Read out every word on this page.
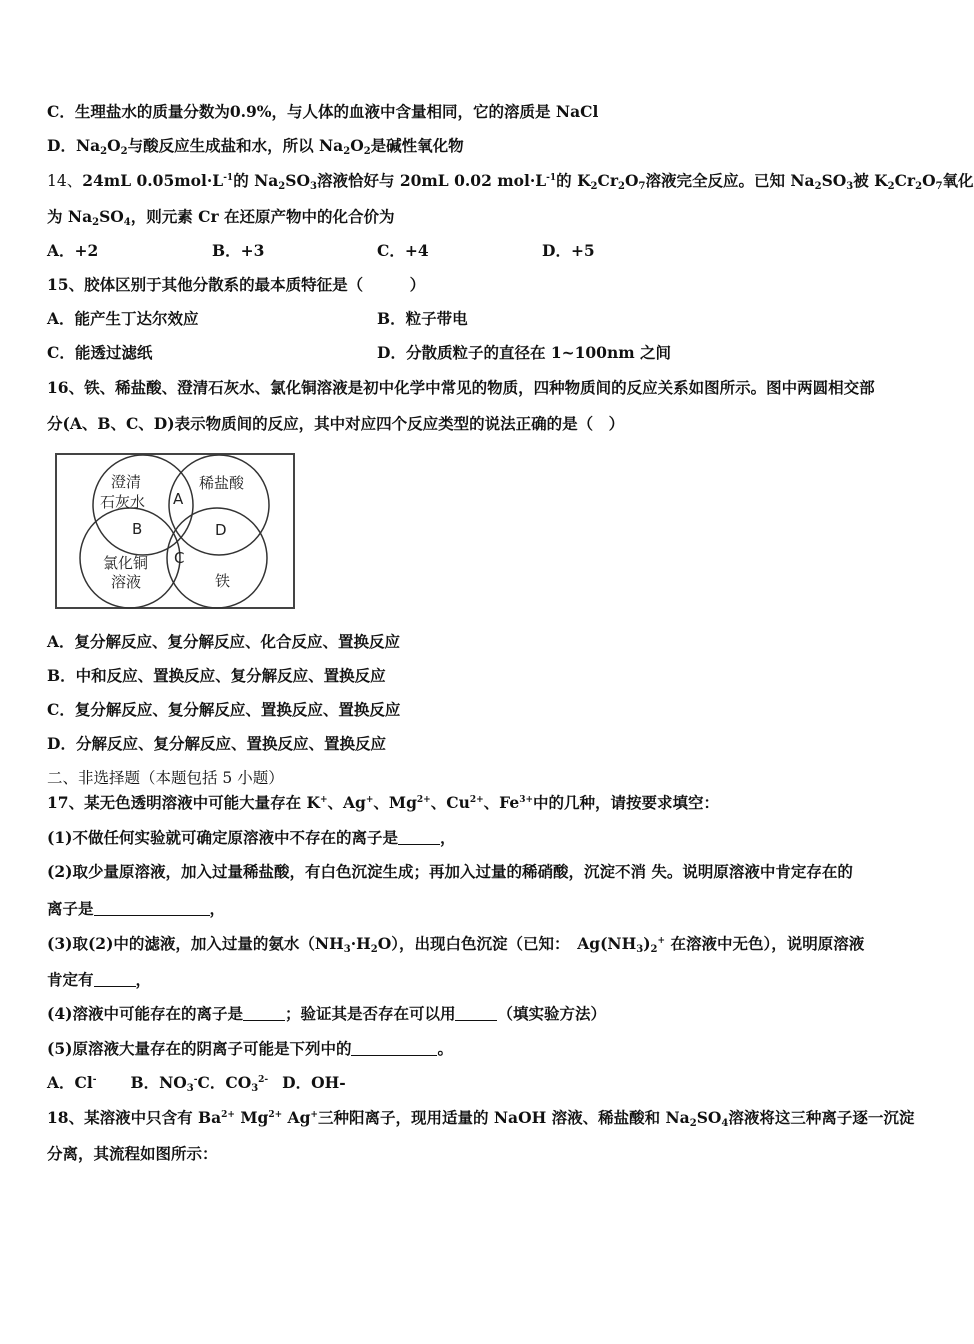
C．生理盐水的质量分数为0.9%，与人体的血液中含量相同，它的溶质是 NaCl
D．$Na_2O_2$与酸反应生成盐和水，所以 $Na_2O_2$是碱性氧化物
14、24mL $0.05mol\cdot L^{-1}$的 $Na_2SO_3$溶液恰好与 20mL 0.02 $mol\cdot L^{-1}$的 $K_2Cr_2O_7$溶液完全反应。已知 $Na_2SO_3$被 $K_2Cr_2O_7$氧化
为 $Na_2SO_4$，则元素 Cr 在还原产物中的化合价为
A．+2	B．+3	C．+4	D．+5
15、胶体区别于其他分散系的最本质特征是（　　　）
A．能产生丁达尔效应	B．粒子带电
C．能透过滤纸	D．分散质粒子的直径在 1~100nm 之间
16、铁、稀盐酸、澄清石灰水、氯化铜溶液是初中化学中常见的物质，四种物质间的反应关系如图所示。图中两圆相交部
分(A、B、C、D)表示物质间的反应，其中对应四个反应类型的说法正确的是（　）
澄清
石灰水
稀盐酸
氯化铜
溶液	铁
A
B
C
D
A．复分解反应、复分解反应、化合反应、置换反应
B．中和反应、置换反应、复分解反应、置换反应
C．复分解反应、复分解反应、置换反应、置换反应
D．分解反应、复分解反应、置换反应、置换反应
二、非选择题（本题包括 5 小题）
17、某无色透明溶液中可能大量存在 K+、Ag+、$Mg^{2+}$、$Cu^{2+}$、$Fe^{3+}$中的几种，请按要求填空：
(1)不做任何实验就可确定原溶液中不存在的离子是	，
(2)取少量原溶液，加入过量稀盐酸，有白色沉淀生成；再加入过量的稀硝酸，沉淀不消 失。说明原溶液中肯定存在的
离子是	，
(3)取(2)中的滤液，加入过量的氨水$(NH_3\cdot H_2O)$，出现白色沉淀（已知：　$Ag(NH_3)_2^+$ 在溶液中无色），说明原溶液
肯定有	，
(4)溶液中可能存在的离子是	；验证其是否存在可以用	（填实验方法）
(5)原溶液大量存在的阴离子可能是下列中的	。
A．Cl- B．$NO_3^-C$．$CO_3^{2-}$ D．OH-
18、某溶液中只含有 $Ba^{2+}$ $Mg^{2+}$ Ag+三种阳离子，现用适量的 NaOH 溶液、稀盐酸和 $Na_2SO_4$溶液将这三种离子逐一沉淀
分离，其流程如图所示：
